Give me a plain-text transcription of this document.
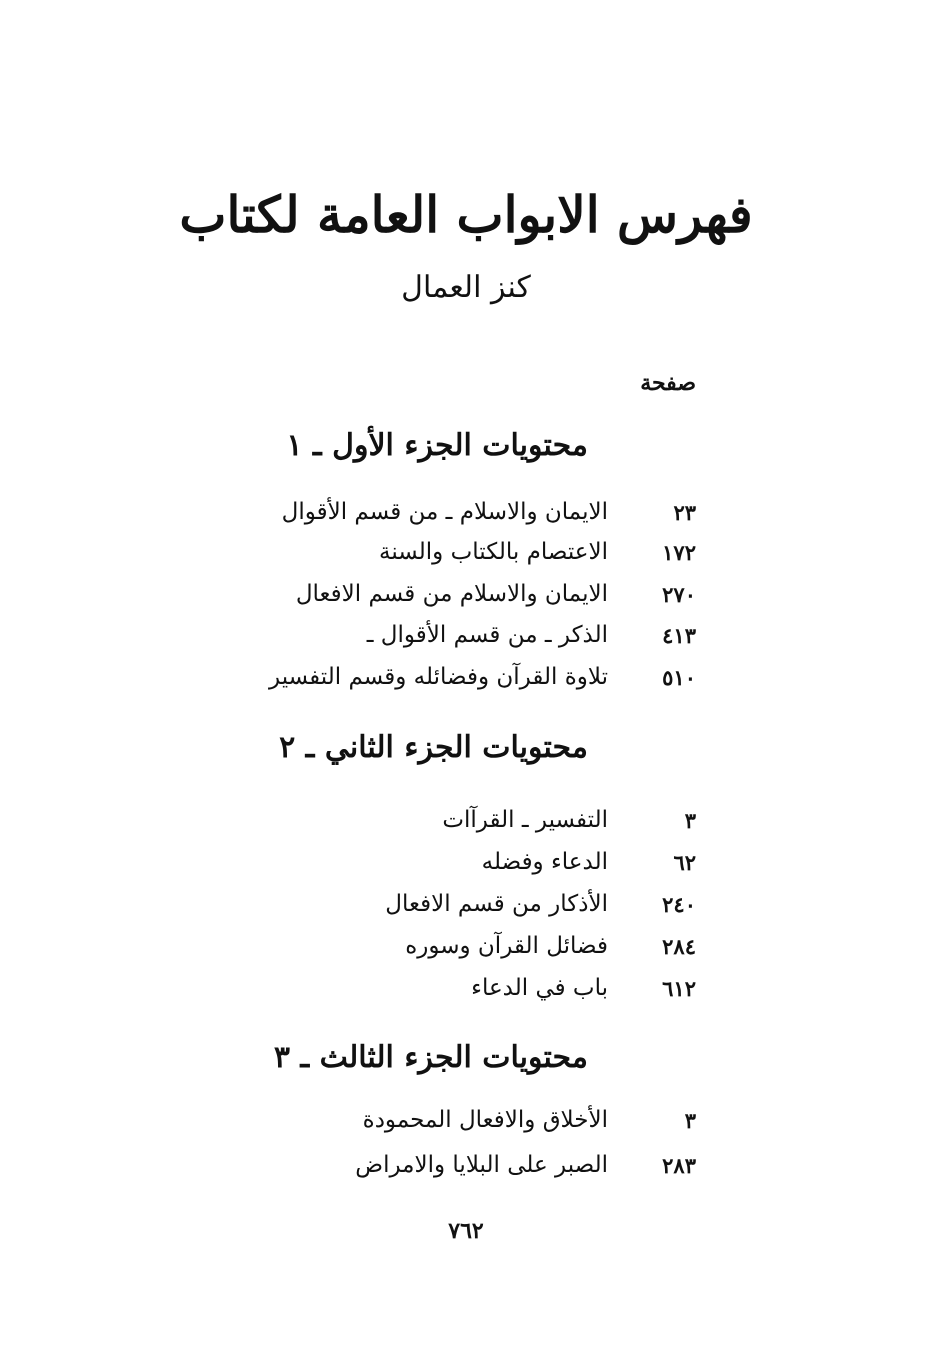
فهرس الابواب العامة لكتاب
كنز العمال
صفحة
محتويات الجزء الأول ـ ١
٢٣
الايمان والاسلام ـ من قسم الأقوال
١٧٢
الاعتصام بالكتاب والسنة
٢٧٠
الايمان والاسلام من قسم الافعال
٤١٣
الذكر ـ من قسم الأقوال ـ
٥١٠
تلاوة القرآن وفضائله وقسم التفسير
محتويات الجزء الثاني ـ ٢
٣
التفسير ـ القرآات
٦٢
الدعاء وفضله
٢٤٠
الأذكار من قسم الافعال
٢٨٤
فضائل القرآن وسوره
٦١٢
باب في الدعاء
محتويات الجزء الثالث ـ ٣
٣
الأخلاق والافعال المحمودة
٢٨٣
الصبر على البلايا والامراض
٧٦٢
